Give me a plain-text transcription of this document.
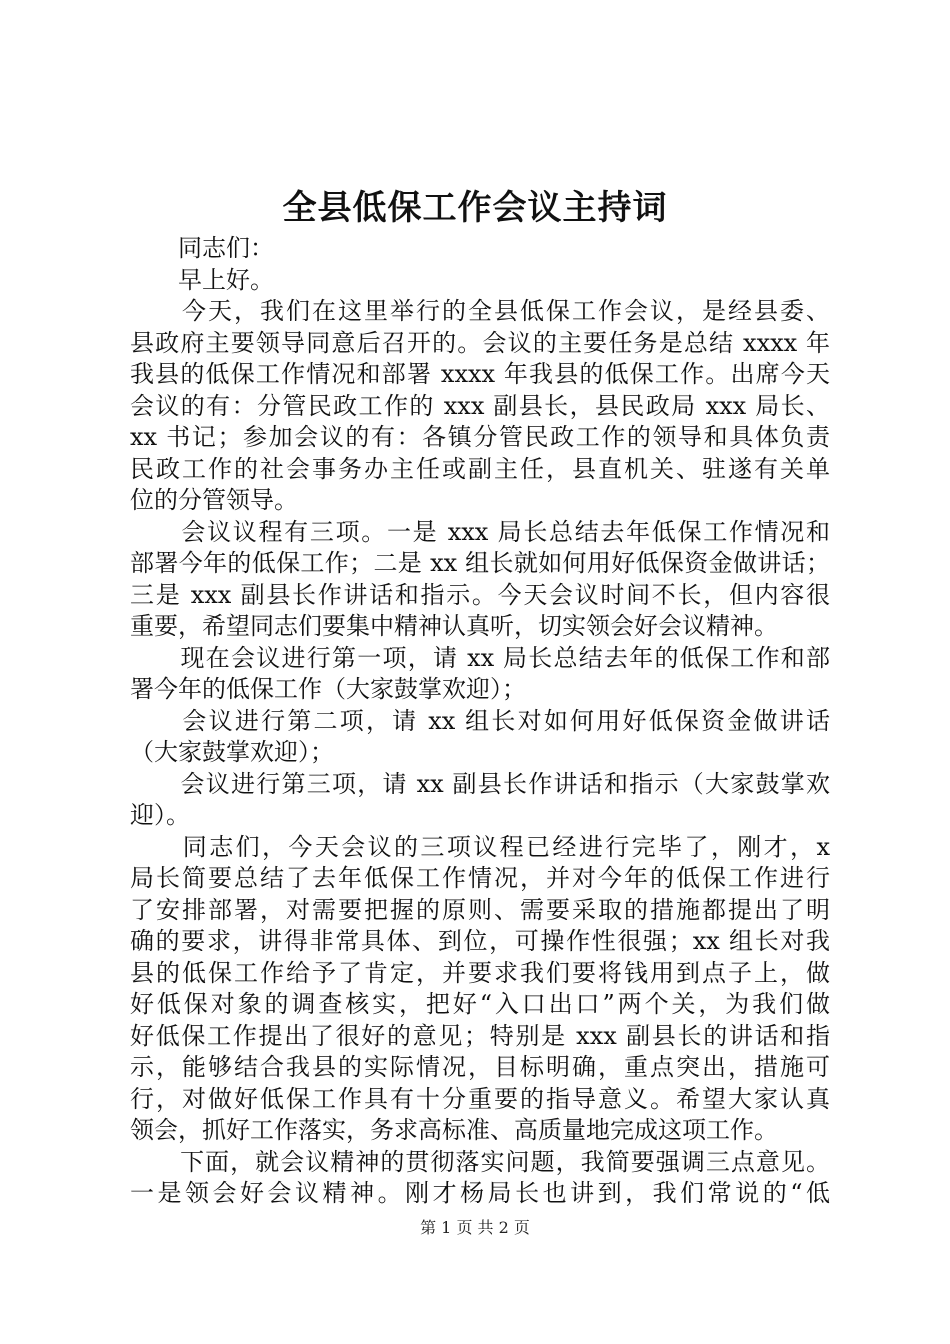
全县低保工作会议主持词
　　同志们：
　　早上好。
　　今天，我们在这里举行的全县低保工作会议，是经县委、
县政府主要领导同意后召开的。会议的主要任务是总结 xxxx 年
我县的低保工作情况和部署 xxxx 年我县的低保工作。出席今天
会议的有：分管民政工作的 xxx 副县长，县民政局 xxx 局长、
xx 书记；参加会议的有：各镇分管民政工作的领导和具体负责
民政工作的社会事务办主任或副主任，县直机关、驻遂有关单
位的分管领导。
　　会议议程有三项。一是 xxx 局长总结去年低保工作情况和
部署今年的低保工作；二是 xx 组长就如何用好低保资金做讲话；
三是 xxx 副县长作讲话和指示。今天会议时间不长，但内容很
重要，希望同志们要集中精神认真听，切实领会好会议精神。
　　现在会议进行第一项，请 xx 局长总结去年的低保工作和部
署今年的低保工作（大家鼓掌欢迎）；
　　会议进行第二项，请 xx 组长对如何用好低保资金做讲话
（大家鼓掌欢迎）；
　　会议进行第三项，请 xx 副县长作讲话和指示（大家鼓掌欢
迎）。
　　同志们，今天会议的三项议程已经进行完毕了，刚才，x
局长简要总结了去年低保工作情况，并对今年的低保工作进行
了安排部署，对需要把握的原则、需要采取的措施都提出了明
确的要求，讲得非常具体、到位，可操作性很强；xx 组长对我
县的低保工作给予了肯定，并要求我们要将钱用到点子上，做
好低保对象的调查核实，把好“入口出口”两个关，为我们做
好低保工作提出了很好的意见；特别是 xxx 副县长的讲话和指
示，能够结合我县的实际情况，目标明确，重点突出，措施可
行，对做好低保工作具有十分重要的指导意义。希望大家认真
领会，抓好工作落实，务求高标准、高质量地完成这项工作。
　　下面，就会议精神的贯彻落实问题，我简要强调三点意见。
一是领会好会议精神。刚才杨局长也讲到，我们常说的“低
第 1 页 共 2 页
